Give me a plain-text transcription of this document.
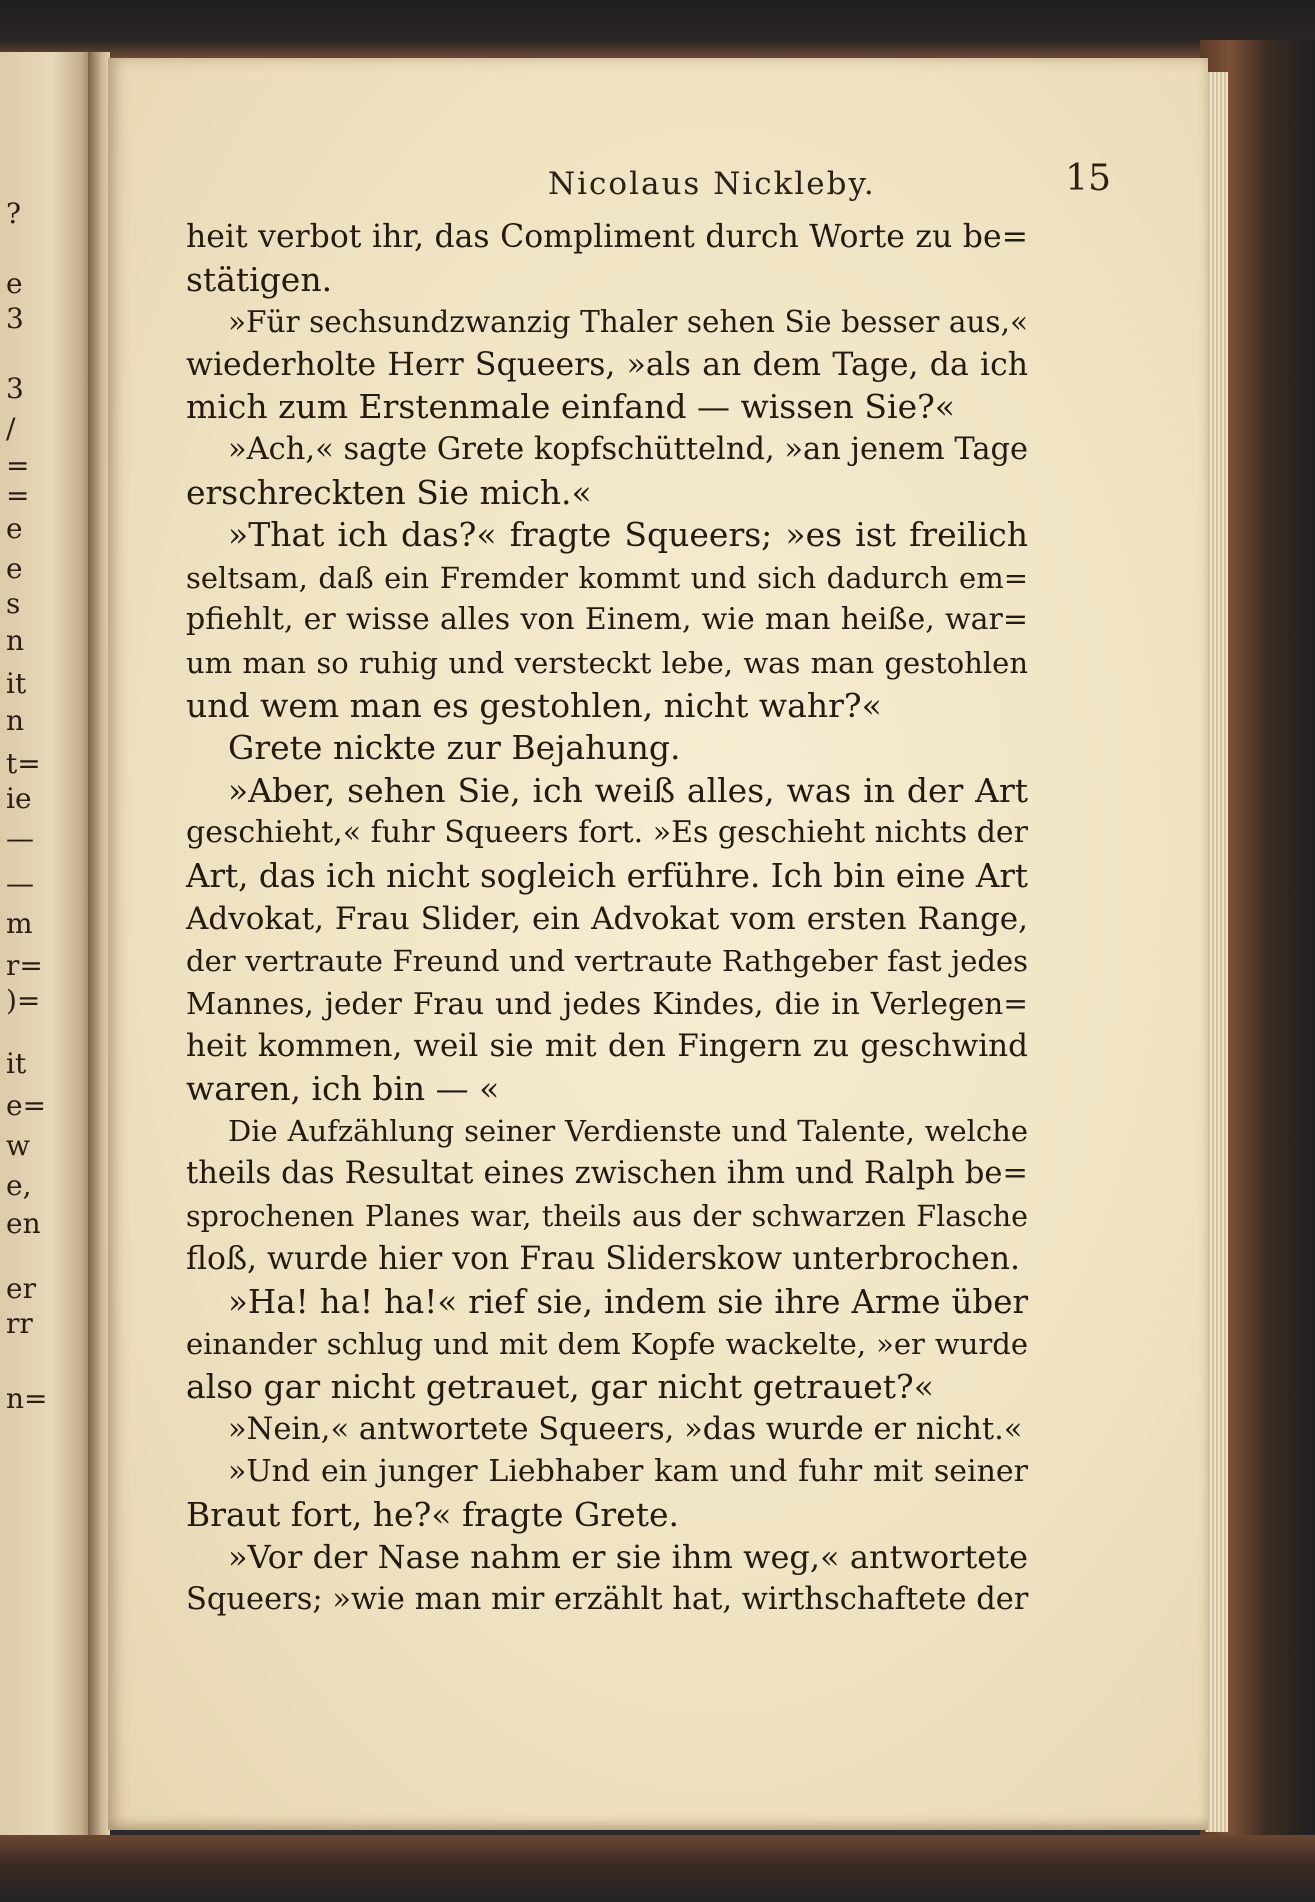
?
e
3
3
/
=
=
e
e
s
n
it
n
t=
ie
—
—
m
r=
)=
it
e=
w
e,
en
er
rr
n=
Nicolaus Nickleby.	15
heit verbot ihr, das Compliment durch Worte zu be=
stätigen.
»Für sechsundzwanzig Thaler sehen Sie besser aus,«
wiederholte Herr Squeers, »als an dem Tage, da ich
mich zum Erstenmale einfand — wissen Sie?«
»Ach,« sagte Grete kopfschüttelnd, »an jenem Tage
erschreckten Sie mich.«
»That ich das?« fragte Squeers; »es ist freilich
seltsam, daß ein Fremder kommt und sich dadurch em=
pfiehlt, er wisse alles von Einem, wie man heiße, war=
um man so ruhig und versteckt lebe, was man gestohlen
und wem man es gestohlen, nicht wahr?«
Grete nickte zur Bejahung.
»Aber, sehen Sie, ich weiß alles, was in der Art
geschieht,« fuhr Squeers fort. »Es geschieht nichts der
Art, das ich nicht sogleich erführe. Ich bin eine Art
Advokat, Frau Slider, ein Advokat vom ersten Range,
der vertraute Freund und vertraute Rathgeber fast jedes
Mannes, jeder Frau und jedes Kindes, die in Verlegen=
heit kommen, weil sie mit den Fingern zu geschwind
waren, ich bin — «
Die Aufzählung seiner Verdienste und Talente, welche
theils das Resultat eines zwischen ihm und Ralph be=
sprochenen Planes war, theils aus der schwarzen Flasche
floß, wurde hier von Frau Sliderskow unterbrochen.
»Ha! ha! ha!« rief sie, indem sie ihre Arme über
einander schlug und mit dem Kopfe wackelte, »er wurde
also gar nicht getrauet, gar nicht getrauet?«
»Nein,« antwortete Squeers, »das wurde er nicht.«
»Und ein junger Liebhaber kam und fuhr mit seiner
Braut fort, he?« fragte Grete.
»Vor der Nase nahm er sie ihm weg,« antwortete
Squeers; »wie man mir erzählt hat, wirthschaftete der
